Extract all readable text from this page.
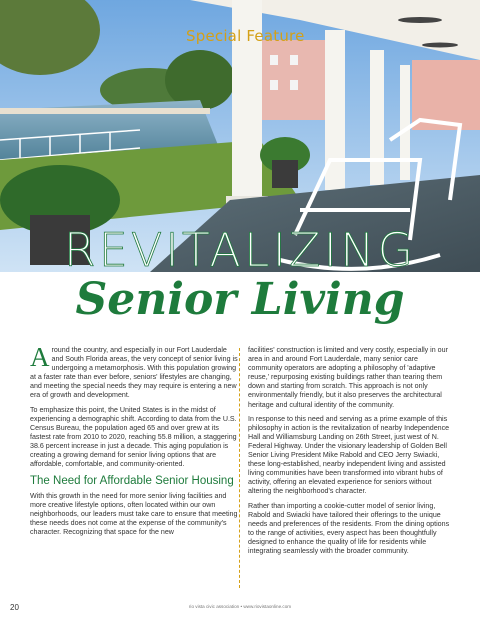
Special Feature
REVITALIZING
Senior Living

Around the country, and especially in our Fort Lauderdale and South Florida areas, the very concept of senior living is undergoing a metamorphosis. With this population growing at a faster rate than ever before, seniors' lifestyles are changing, and meeting the special needs they may require is entering a new era of growth and development.

To emphasize this point, the United States is in the midst of experiencing a demographic shift. According to data from the U.S. Census Bureau, the population aged 65 and over grew at its fastest rate from 2010 to 2020, reaching 55.8 million, a staggering 38.6 percent increase in just a decade. This aging population is creating a growing demand for senior living options that are affordable, comfortable, and community-oriented.

The Need for Affordable Senior Housing

With this growth in the need for more senior living facilities and more creative lifestyle options, often located within our own neighborhoods, our leaders must take care to ensure that meeting these needs does not come at the expense of the community's character. Recognizing that space for the new

facilities' construction is limited and very costly, especially in our area in and around Fort Lauderdale, many senior care community operators are adopting a philosophy of 'adaptive reuse,' repurposing existing buildings rather than tearing them down and starting from scratch. This approach is not only environmentally friendly, but it also preserves the architectural heritage and cultural identity of the community.

In response to this need and serving as a prime example of this philosophy in action is the revitalization of nearby Independence Hall and Williamsburg Landing on 26th Street, just west of N. Federal Highway. Under the visionary leadership of Golden Bell Senior Living President Mike Rabold and CEO Jerry Swiacki, these long-established, nearby independent living and assisted living communities have been transformed into vibrant hubs of activity, offering an elevated experience for seniors without altering the neighborhood's character.

Rather than importing a cookie-cutter model of senior living, Rabold and Swiacki have tailored their offerings to the unique needs and preferences of the residents. From the dining options to the range of activities, every aspect has been thoughtfully designed to enhance the quality of life for residents while integrating seamlessly with the broader community.

20	rio vista civic association • www.riovistaonline.com
